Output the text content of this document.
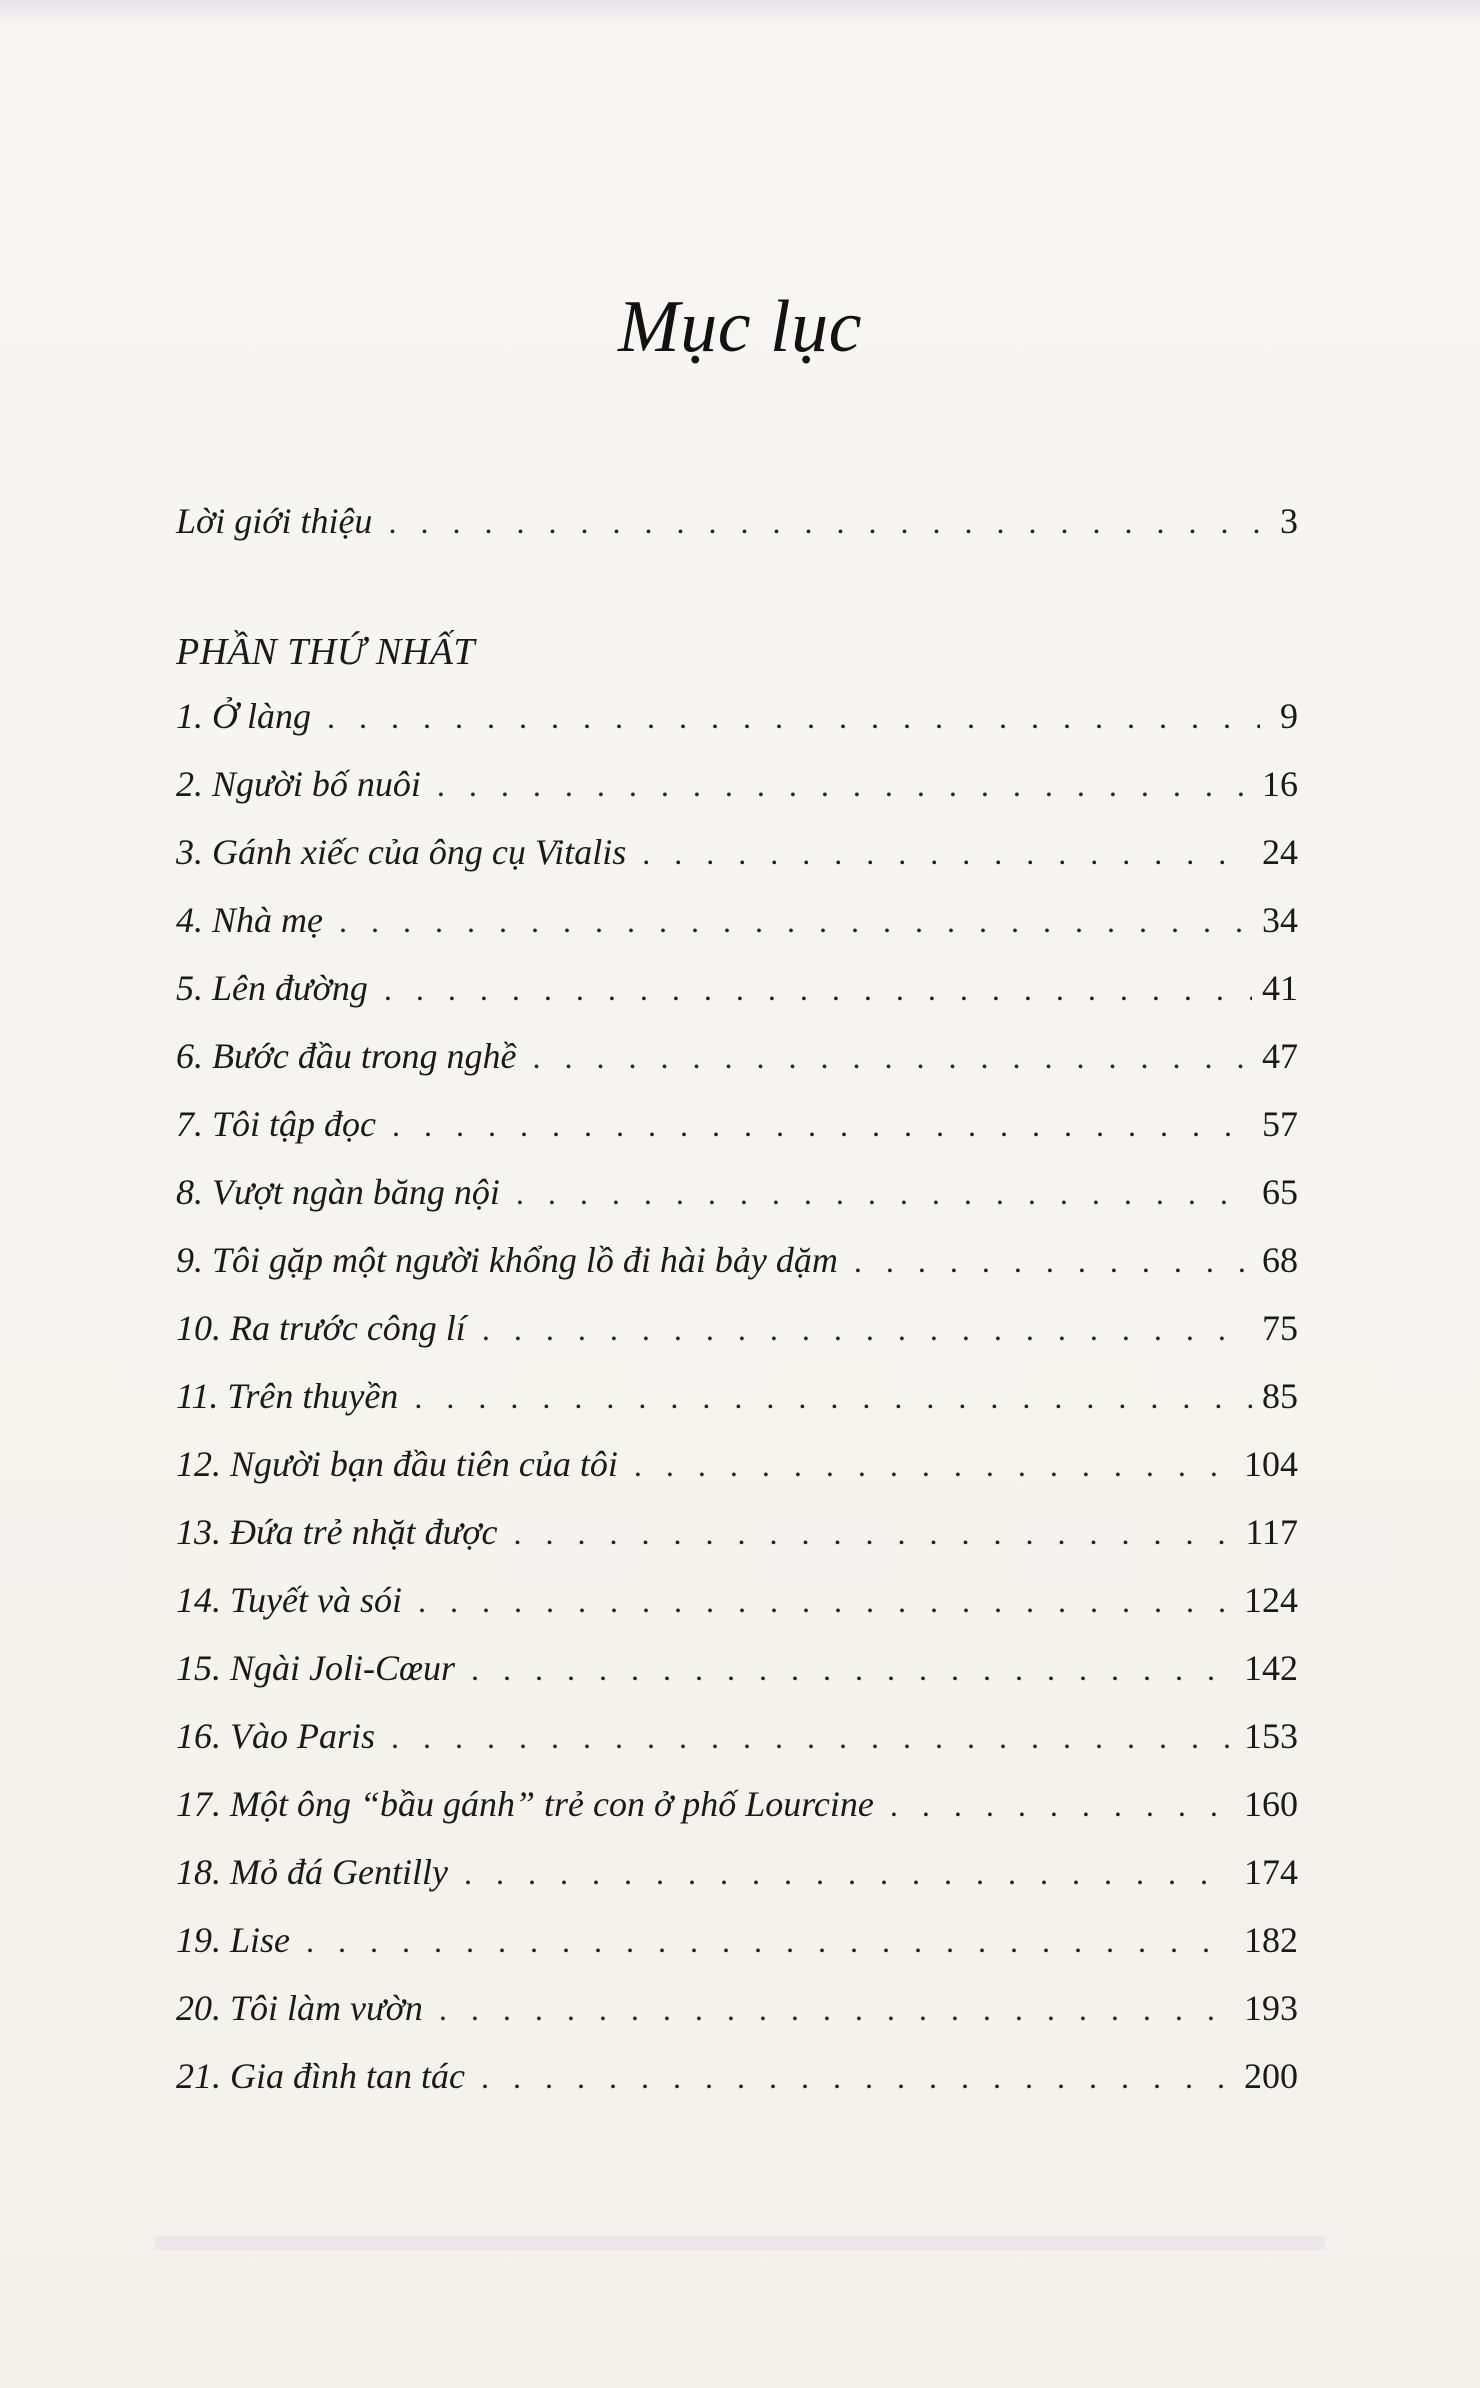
Mục lục
Lời giới thiệu . . .	3
PHẦN THỨ NHẤT
1. Ở làng . . .	9
2. Người bố nuôi . . .	16
3. Gánh xiếc của ông cụ Vitalis . . .	24
4. Nhà mẹ . . .	34
5. Lên đường . . .	41
6. Bước đầu trong nghề . . .	47
7. Tôi tập đọc . . .	57
8. Vượt ngàn băng nội . . .	65
9. Tôi gặp một người khổng lồ đi hài bảy dặm . . .	68
10. Ra trước công lí . . .	75
11. Trên thuyền . . .	85
12. Người bạn đầu tiên của tôi . . .	104
13. Đứa trẻ nhặt được . . .	117
14. Tuyết và sói . . .	124
15. Ngài Joli-Cœur . . .	142
16. Vào Paris . . .	153
17. Một ông “bầu gánh” trẻ con ở phố Lourcine . . .	160
18. Mỏ đá Gentilly . . .	174
19. Lise . . .	182
20. Tôi làm vườn . . .	193
21. Gia đình tan tác . . .	200
